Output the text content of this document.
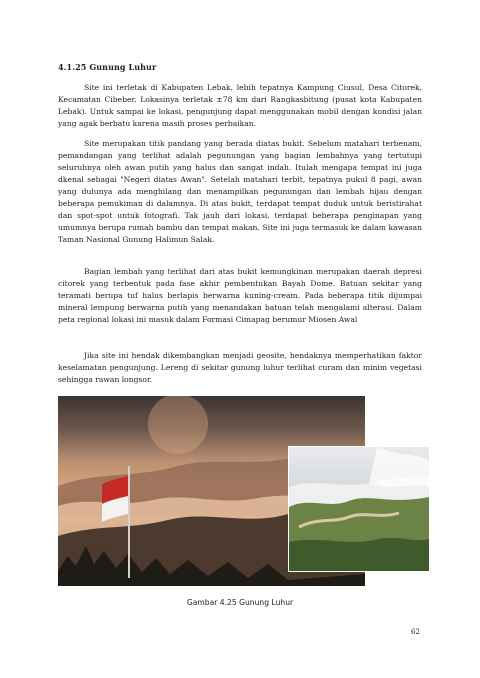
4.1.25 Gunung Luhur

Site ini terletak di Kabupaten Lebak, lebih tepatnya Kampung Ciusul, Desa Citorek, Kecamatan Cibeber. Lokasinya terletak ±78 km dari Rangkasbitung (pusat kota Kabupaten Lebak). Untuk sampai ke lokasi, pengunjung dapat menggunakan mobil dengan kondisi jalan yang agak berbatu karena masih proses perbaikan.

Site merupakan titik pandang yang berada diatas bukit. Sebelum matahari terbenam, pemandangan yang terlihat adalah pegunungan yang bagian lembahnya yang tertutupi seluruhnya oleh awan putih yang halus dan sangat indah. Itulah mengapa tempat ini juga dkenal sebagai "Negeri diatas Awan". Setelah matahari terbit, tepatnya pukul 8 pagi, awan yang dulunya ada menghilang dan menampilkan pegunungan dan lembah hijau dengan beberapa pemukiman di dalamnya. Di atas bukit, terdapat tempat duduk untuk beristirahat dan spot-spot untuk fotografi. Tak jauh dari lokasi, terdapat beberapa penginapan yang umumnya berupa rumah bambu dan tempat makan. Site ini juga termasuk ke dalam kawasan Taman Nasional Gunung Halimun Salak.

Bagian lembah yang terlihat dari atas bukit kemungkinan merupakan daerah depresi citorek yang terbentuk pada fase akhir pembentukan Bayah Dome. Batuan sekitar yang teramati berupa tuf halus berlapis berwarna kuning-cream. Pada beberapa titik dijumpai mineral lempung berwarna putih yang menandakan batuan telah mengalami alterasi. Dalam peta regional lokasi ini masuk dalam Formasi Cimapag berumur Miosen Awal

Jika site ini hendak dikembangkan menjadi geosite, hendaknya memperhatikan faktor keselamatan pengunjung. Lereng di sekitar gunung luhur terlihat curam dan minim vegetasi sehingga rawan longsor.

Gambar 4.25 Gunung Luhur
62
